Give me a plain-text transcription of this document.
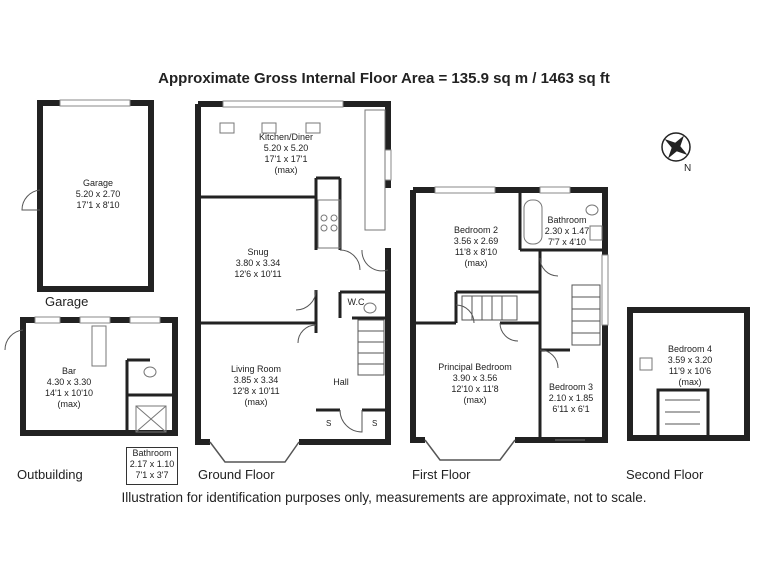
Approximate Gross Internal Floor Area = 135.9 sq m / 1463 sq ft
N
Garage
Outbuilding	Ground Floor	First Floor	Second Floor
Garage
5.20 x 2.70
17'1 x 8'10
Kitchen/Diner
5.20 x 5.20
17'1 x 17'1
(max)
Snug
3.80 x 3.34
12'6 x 10'11
Living Room
3.85 x 3.34
12'8 x 10'11
(max)
Hall
W.C
S	S
Bar
4.30 x 3.30
14'1 x 10'10
(max)
Bathroom
2.17 x 1.10
7'1 x 3'7
Bedroom 2
3.56 x 2.69
11'8 x 8'10
(max)
Bathroom
2.30 x 1.47
7'7 x 4'10
Principal Bedroom
3.90 x 3.56
12'10 x 11'8
(max)
Bedroom 3
2.10 x 1.85
6'11 x 6'1
Bedroom 4
3.59 x 3.20
11'9 x 10'6
(max)
Illustration for identification purposes only, measurements are approximate, not to scale.
